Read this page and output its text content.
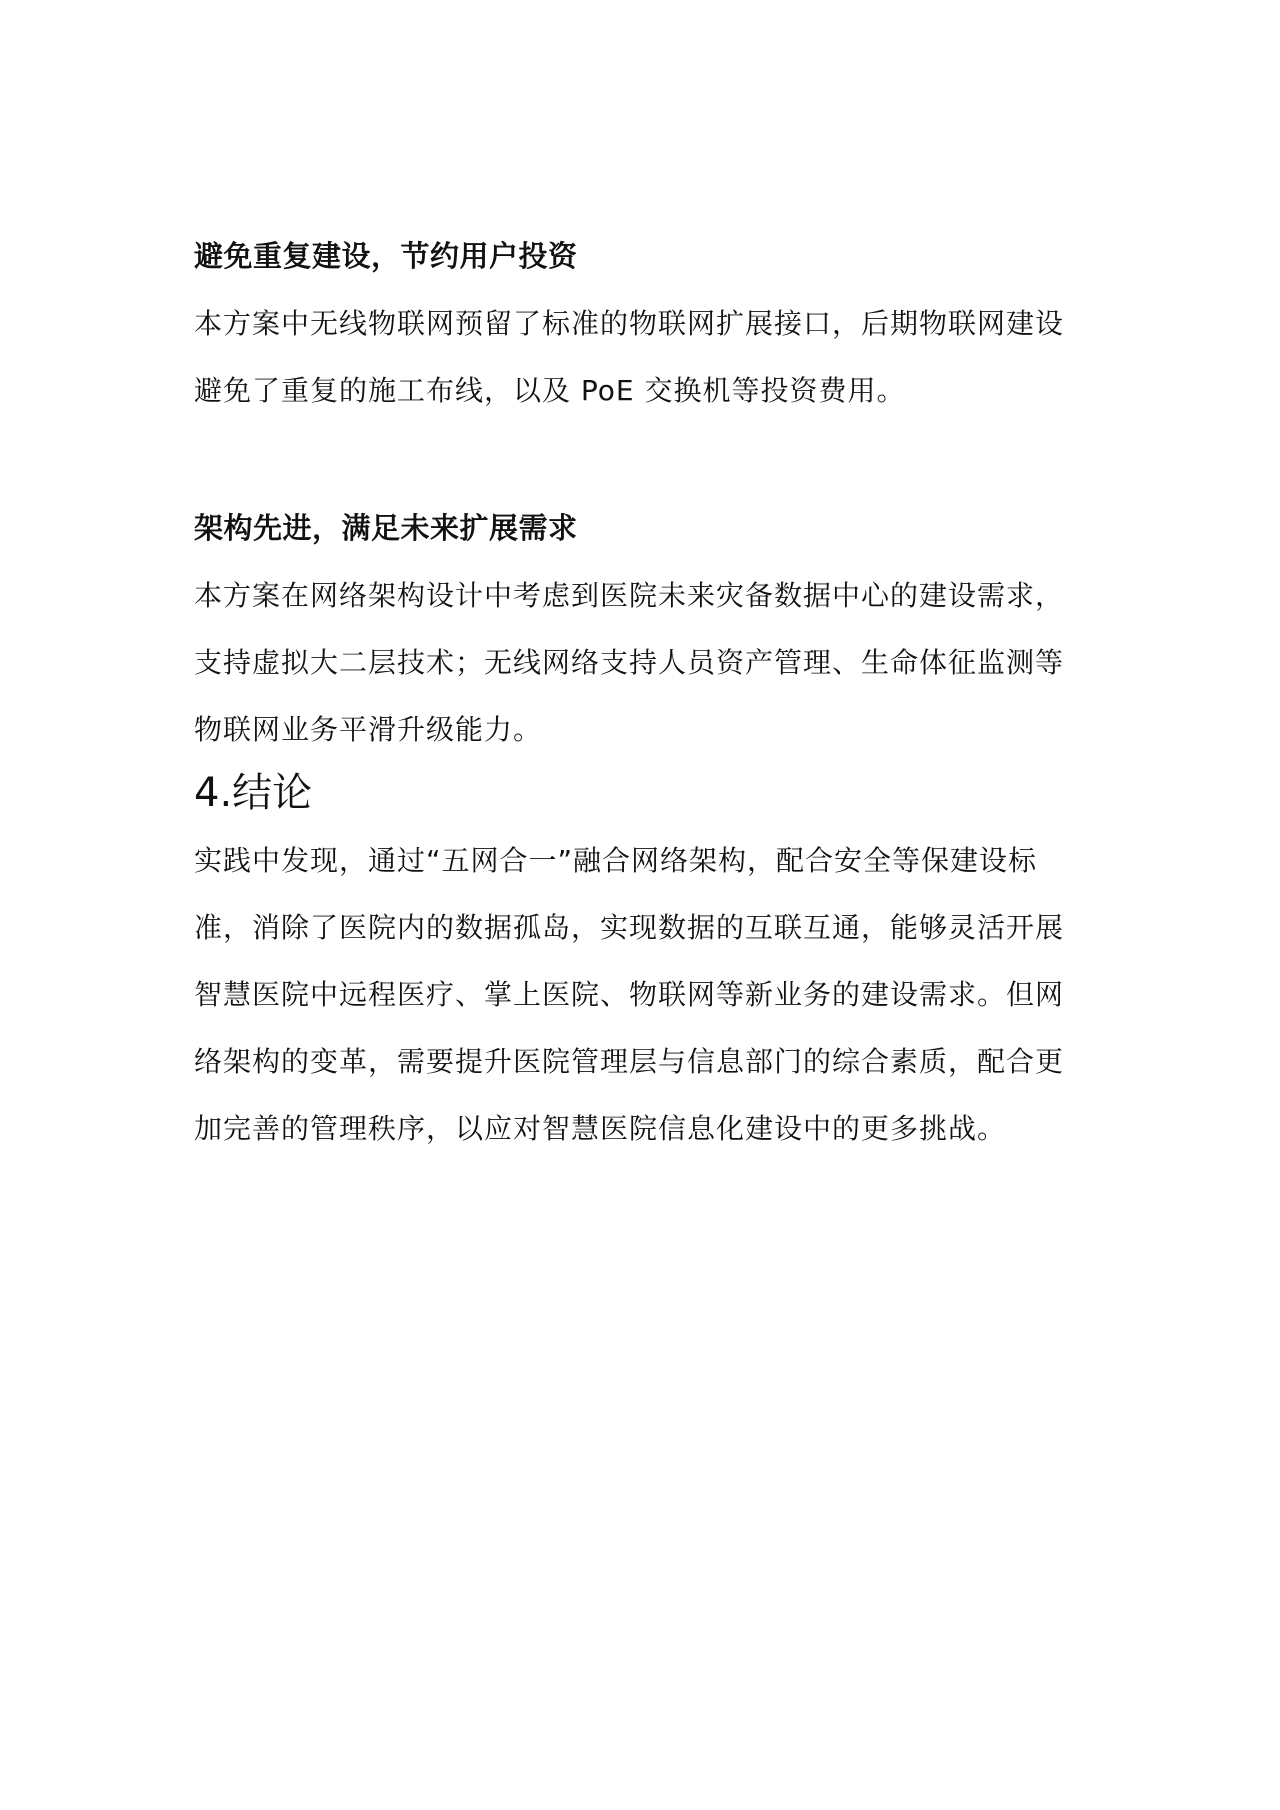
避免重复建设，节约用户投资

本方案中无线物联网预留了标准的物联网扩展接口，后期物联网建设
避免了重复的施工布线，以及 PoE 交换机等投资费用。

架构先进，满足未来扩展需求

本方案在网络架构设计中考虑到医院未来灾备数据中心的建设需求，
支持虚拟大二层技术；无线网络支持人员资产管理、生命体征监测等
物联网业务平滑升级能力。

4.结论

实践中发现，通过“五网合一”融合网络架构，配合安全等保建设标
准，消除了医院内的数据孤岛，实现数据的互联互通，能够灵活开展
智慧医院中远程医疗、掌上医院、物联网等新业务的建设需求。但网
络架构的变革，需要提升医院管理层与信息部门的综合素质，配合更
加完善的管理秩序，以应对智慧医院信息化建设中的更多挑战。
